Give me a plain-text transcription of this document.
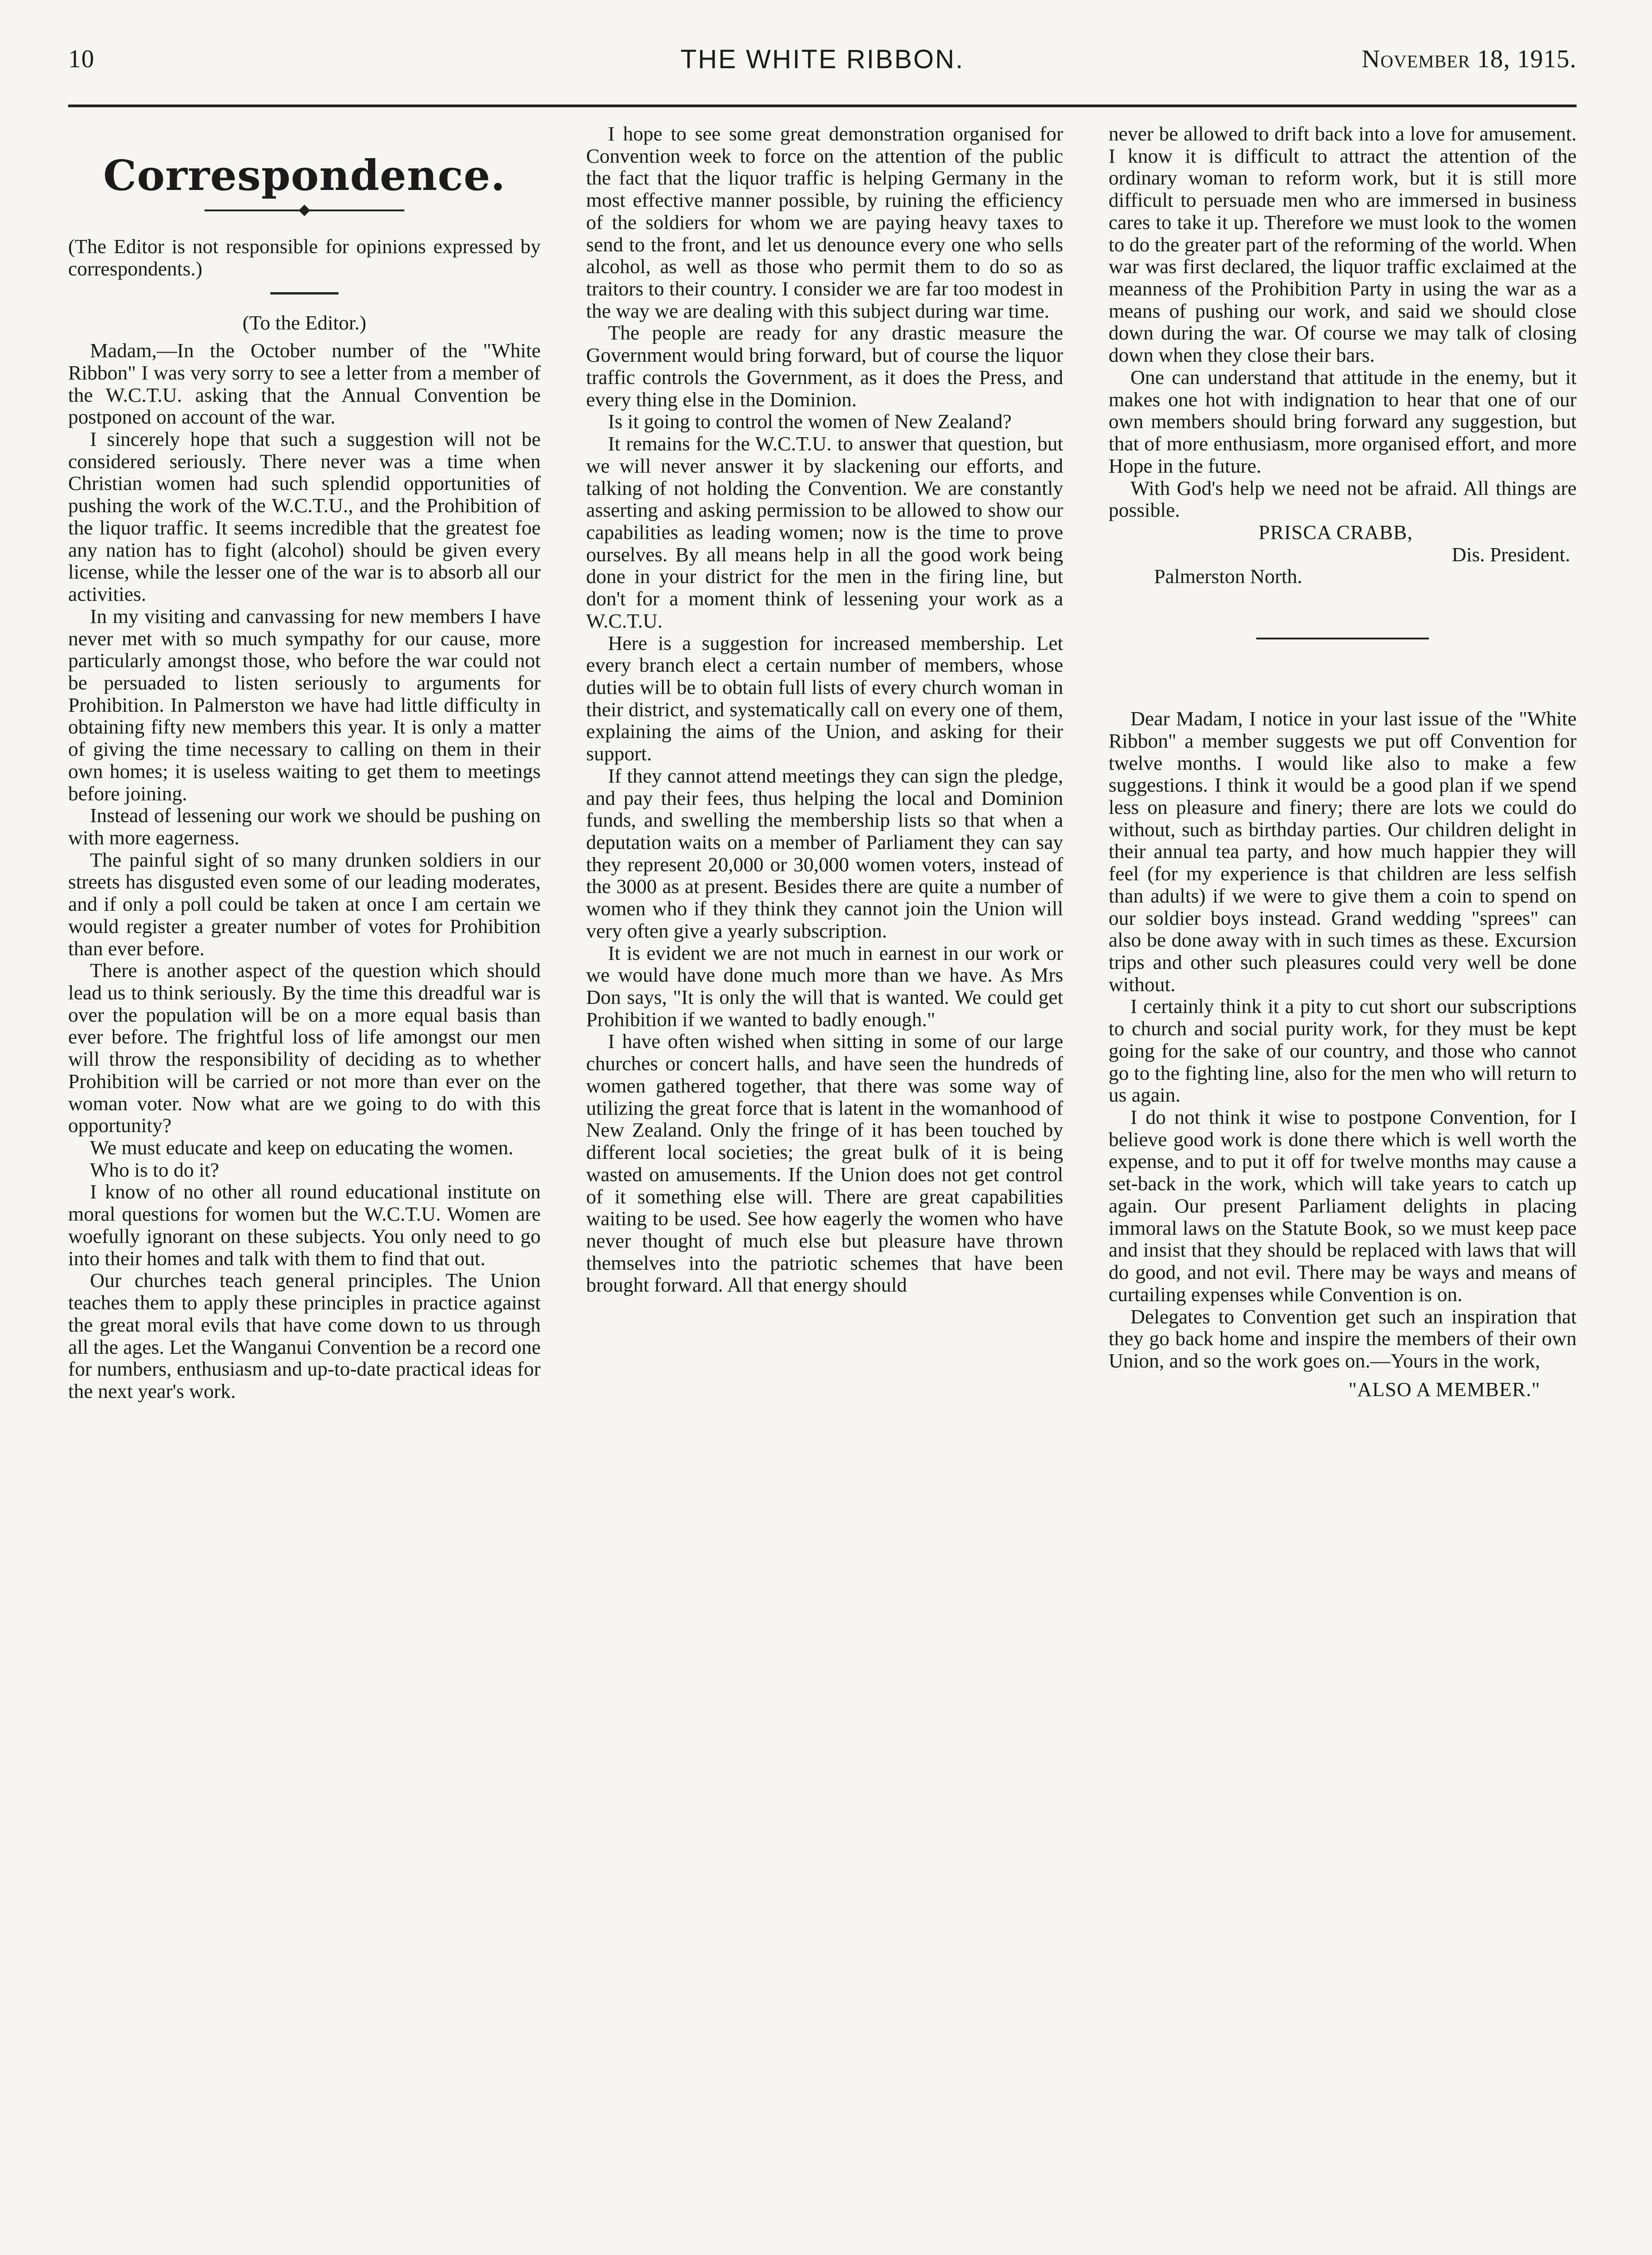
10	THE WHITE RIBBON.	November 18, 1915.
Correspondence.

(The Editor is not responsible for opinions expressed by correspondents.)

(To the Editor.)

Madam,—In the October number of the "White Ribbon" I was very sorry to see a letter from a member of the W.C.T.U. asking that the Annual Convention be postponed on account of the war.

I sincerely hope that such a suggestion will not be considered seriously. There never was a time when Christian women had such splendid opportunities of pushing the work of the W.C.T.U., and the Prohibition of the liquor traffic. It seems incredible that the greatest foe any nation has to fight (alcohol) should be given every license, while the lesser one of the war is to absorb all our activities.

In my visiting and canvassing for new members I have never met with so much sympathy for our cause, more particularly amongst those, who before the war could not be persuaded to listen seriously to arguments for Prohibition. In Palmerston we have had little difficulty in obtaining fifty new members this year. It is only a matter of giving the time necessary to calling on them in their own homes; it is useless waiting to get them to meetings before joining.

Instead of lessening our work we should be pushing on with more eagerness.

The painful sight of so many drunken soldiers in our streets has disgusted even some of our leading moderates, and if only a poll could be taken at once I am certain we would register a greater number of votes for Prohibition than ever before.

There is another aspect of the question which should lead us to think seriously. By the time this dreadful war is over the population will be on a more equal basis than ever before. The frightful loss of life amongst our men will throw the responsibility of deciding as to whether Prohibition will be carried or not more than ever on the woman voter. Now what are we going to do with this opportunity?

We must educate and keep on educating the women.

Who is to do it?

I know of no other all round educational institute on moral questions for women but the W.C.T.U. Women are woefully ignorant on these subjects. You only need to go into their homes and talk with them to find that out.

Our churches teach general principles. The Union teaches them to apply these principles in practice against the great moral evils that have come down to us through all the ages. Let the Wanganui Convention be a record one for numbers, enthusiasm and up-to-date practical ideas for the next year's work.

I hope to see some great demonstration organised for Convention week to force on the attention of the public the fact that the liquor traffic is helping Germany in the most effective manner possible, by ruining the efficiency of the soldiers for whom we are paying heavy taxes to send to the front, and let us denounce every one who sells alcohol, as well as those who permit them to do so as traitors to their country. I consider we are far too modest in the way we are dealing with this subject during war time.

The people are ready for any drastic measure the Government would bring forward, but of course the liquor traffic controls the Government, as it does the Press, and every thing else in the Dominion.

Is it going to control the women of New Zealand?

It remains for the W.C.T.U. to answer that question, but we will never answer it by slackening our efforts, and talking of not holding the Convention. We are constantly asserting and asking permission to be allowed to show our capabilities as leading women; now is the time to prove ourselves. By all means help in all the good work being done in your district for the men in the firing line, but don't for a moment think of lessening your work as a W.C.T.U.

Here is a suggestion for increased membership. Let every branch elect a certain number of members, whose duties will be to obtain full lists of every church woman in their district, and systematically call on every one of them, explaining the aims of the Union, and asking for their support.

If they cannot attend meetings they can sign the pledge, and pay their fees, thus helping the local and Dominion funds, and swelling the membership lists so that when a deputation waits on a member of Parliament they can say they represent 20,000 or 30,000 women voters, instead of the 3000 as at present. Besides there are quite a number of women who if they think they cannot join the Union will very often give a yearly subscription.

It is evident we are not much in earnest in our work or we would have done much more than we have. As Mrs Don says, "It is only the will that is wanted. We could get Prohibition if we wanted to badly enough."

I have often wished when sitting in some of our large churches or concert halls, and have seen the hundreds of women gathered together, that there was some way of utilizing the great force that is latent in the womanhood of New Zealand. Only the fringe of it has been touched by different local societies; the great bulk of it is being wasted on amusements. If the Union does not get control of it something else will. There are great capabilities waiting to be used. See how eagerly the women who have never thought of much else but pleasure have thrown themselves into the patriotic schemes that have been brought forward. All that energy should

never be allowed to drift back into a love for amusement. I know it is difficult to attract the attention of the ordinary woman to reform work, but it is still more difficult to persuade men who are immersed in business cares to take it up. Therefore we must look to the women to do the greater part of the reforming of the world. When war was first declared, the liquor traffic exclaimed at the meanness of the Prohibition Party in using the war as a means of pushing our work, and said we should close down during the war. Of course we may talk of closing down when they close their bars.

One can understand that attitude in the enemy, but it makes one hot with indignation to hear that one of our own members should bring forward any suggestion, but that of more enthusiasm, more organised effort, and more Hope in the future.

With God's help we need not be afraid. All things are possible.

PRISCA CRABB,

Dis. President.

Palmerston North.

Dear Madam, I notice in your last issue of the "White Ribbon" a member suggests we put off Convention for twelve months. I would like also to make a few suggestions. I think it would be a good plan if we spend less on pleasure and finery; there are lots we could do without, such as birthday parties. Our children delight in their annual tea party, and how much happier they will feel (for my experience is that children are less selfish than adults) if we were to give them a coin to spend on our soldier boys instead. Grand wedding "sprees" can also be done away with in such times as these. Excursion trips and other such pleasures could very well be done without.

I certainly think it a pity to cut short our subscriptions to church and social purity work, for they must be kept going for the sake of our country, and those who cannot go to the fighting line, also for the men who will return to us again.

I do not think it wise to postpone Convention, for I believe good work is done there which is well worth the expense, and to put it off for twelve months may cause a set-back in the work, which will take years to catch up again. Our present Parliament delights in placing immoral laws on the Statute Book, so we must keep pace and insist that they should be replaced with laws that will do good, and not evil. There may be ways and means of curtailing expenses while Convention is on.

Delegates to Convention get such an inspiration that they go back home and inspire the members of their own Union, and so the work goes on.—Yours in the work,

"ALSO A MEMBER."
